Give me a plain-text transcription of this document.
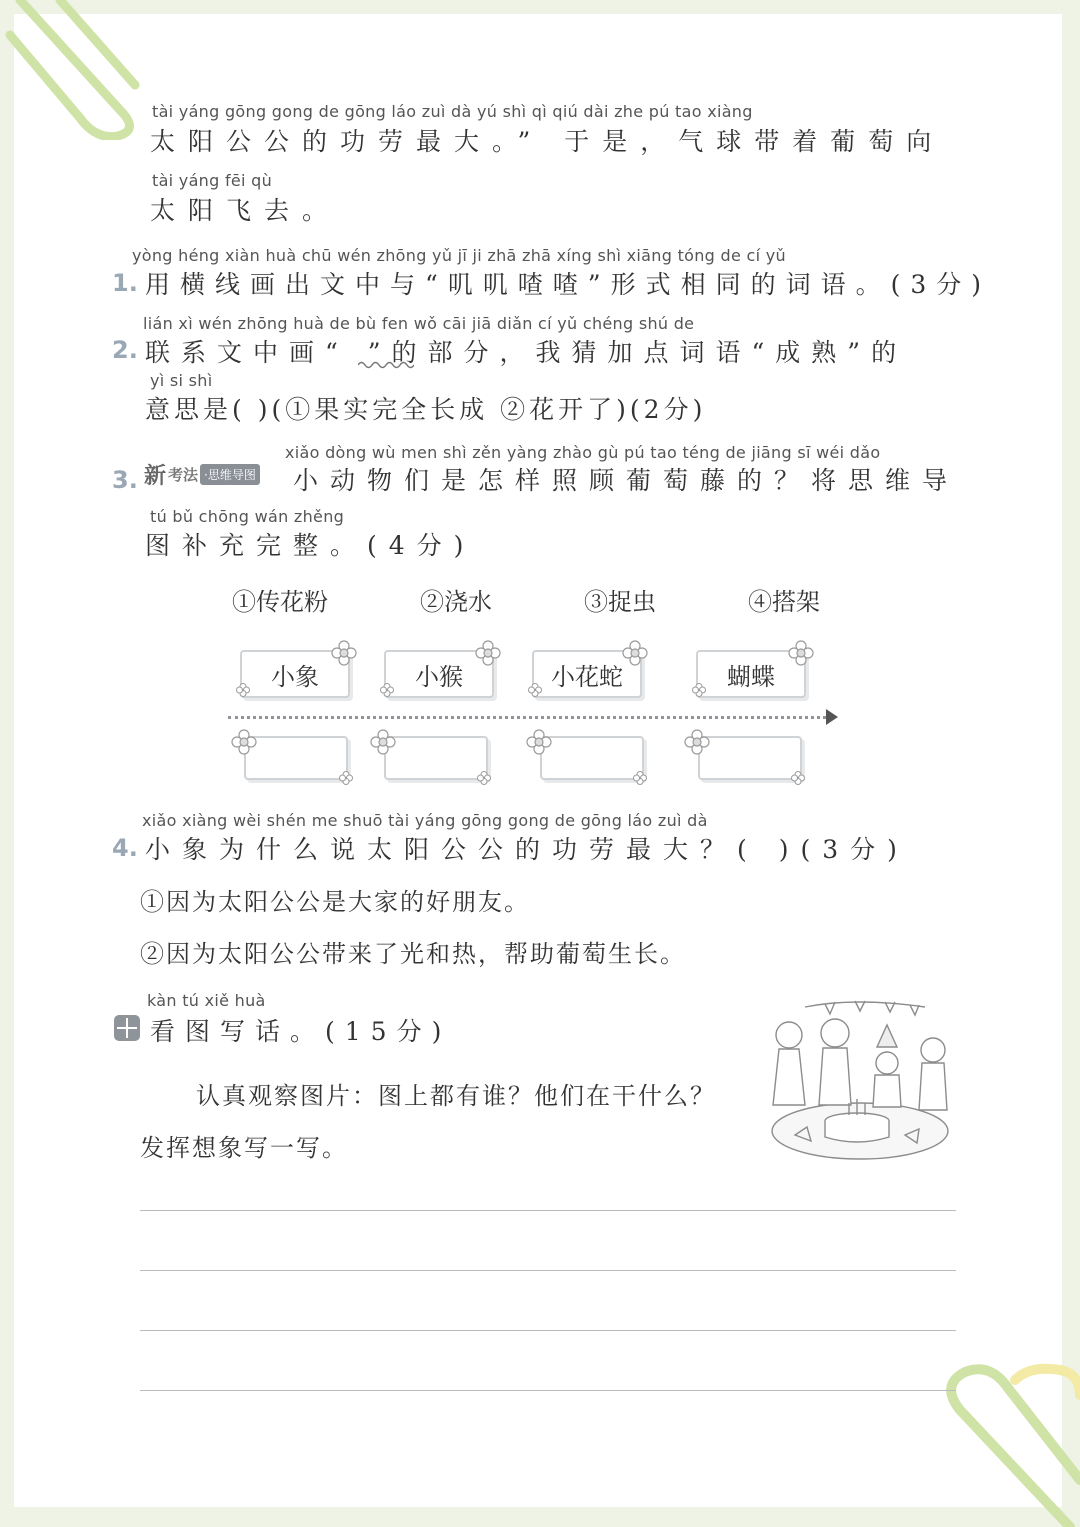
tài yáng gōng gong de gōng láo zuì dà yú shì qì qiú dài zhe pú tao xiàng
太阳公公的功劳最大。” 于是，气球带着葡萄向
tài yáng fēi qù
太阳飞去。
yòng héng xiàn huà chū wén zhōng yǔ jī ji zhā zhā xíng shì xiāng tóng de cí yǔ
1. 用横线画出文中与“叽叽喳喳”形式相同的词语。(3分)
lián xì wén zhōng huà de bù fen wǒ cāi jiā diǎn cí yǔ chéng shú de
2. 联系文中画“ ”的部分，我猜加点词语“成熟”的
yì si shì
意思是( )(①果实完全长成 ②花开了)(2分)
xiǎo dòng wù men shì zěn yàng zhào gù pú tao téng de jiāng sī wéi dǎo
3. 新 考法 ·思维导图 小动物们是怎样照顾葡萄藤的？将思维导
tú bǔ chōng wán zhěng
图补充完整。(4分)
①传花粉	②浇水	③捉虫	④搭架
小象	小猴	小花蛇	蝴蝶
xiǎo xiàng wèi shén me shuō tài yáng gōng gong de gōng láo zuì dà
4. 小象为什么说太阳公公的功劳最大？( )(3分)
①因为太阳公公是大家的好朋友。
②因为太阳公公带来了光和热，帮助葡萄生长。
kàn tú xiě huà
看图写话。(15分)
认真观察图片：图上都有谁？他们在干什么？
发挥想象写一写。
